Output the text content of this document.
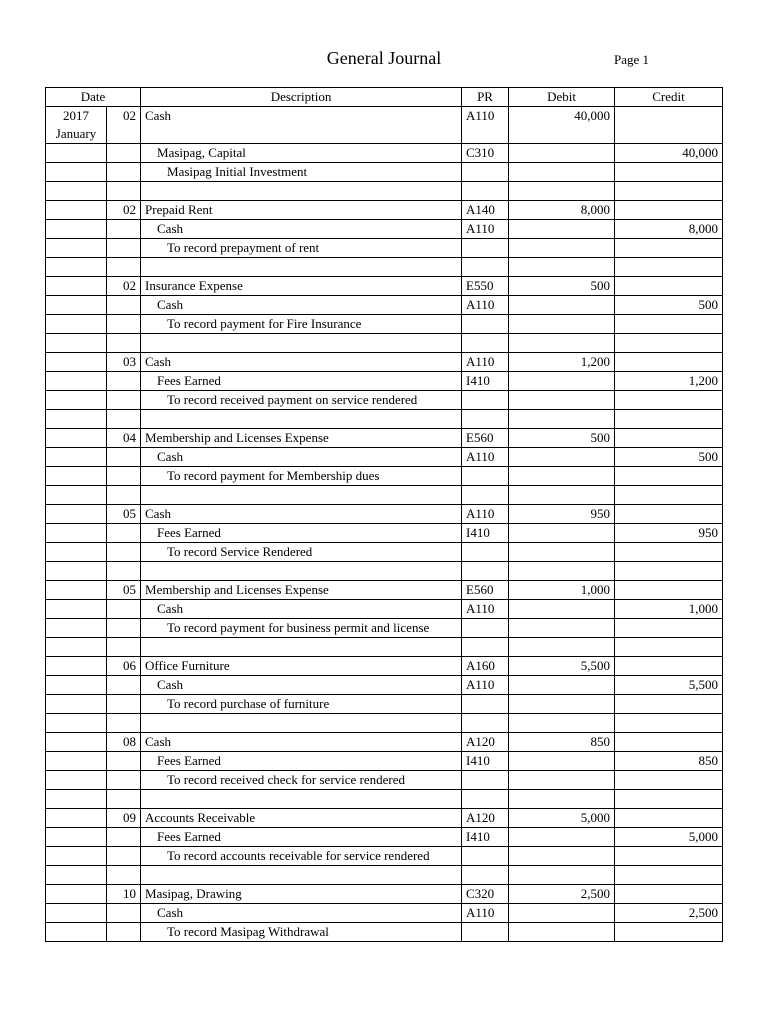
General Journal	Page 1
Date		Description	PR	Debit	Credit

2017
January	02	Cash	A110	40,000	
		Masipag, Capital	C310		40,000
		Masipag Initial Investment			

	02	Prepaid Rent	A140	8,000	
		Cash	A110		8,000
		To record prepayment of rent			

	02	Insurance Expense	E550	500	
		Cash	A110		500
		To record payment for Fire Insurance			

	03	Cash	A110	1,200	
		Fees Earned	I410		1,200
		To record received payment on service rendered			

	04	Membership and Licenses Expense	E560	500	
		Cash	A110		500
		To record payment for Membership dues			

	05	Cash	A110	950	
		Fees Earned	I410		950
		To record Service Rendered			

	05	Membership and Licenses Expense	E560	1,000	
		Cash	A110		1,000
		To record payment for business permit and license			

	06	Office Furniture	A160	5,500	
		Cash	A110		5,500
		To record purchase of furniture			

	08	Cash	A120	850	
		Fees Earned	I410		850
		To record received check for service rendered			

	09	Accounts Receivable	A120	5,000	
		Fees Earned	I410		5,000
		To record accounts receivable for service rendered			

	10	Masipag, Drawing	C320	2,500	
		Cash	A110		2,500
		To record Masipag Withdrawal			
